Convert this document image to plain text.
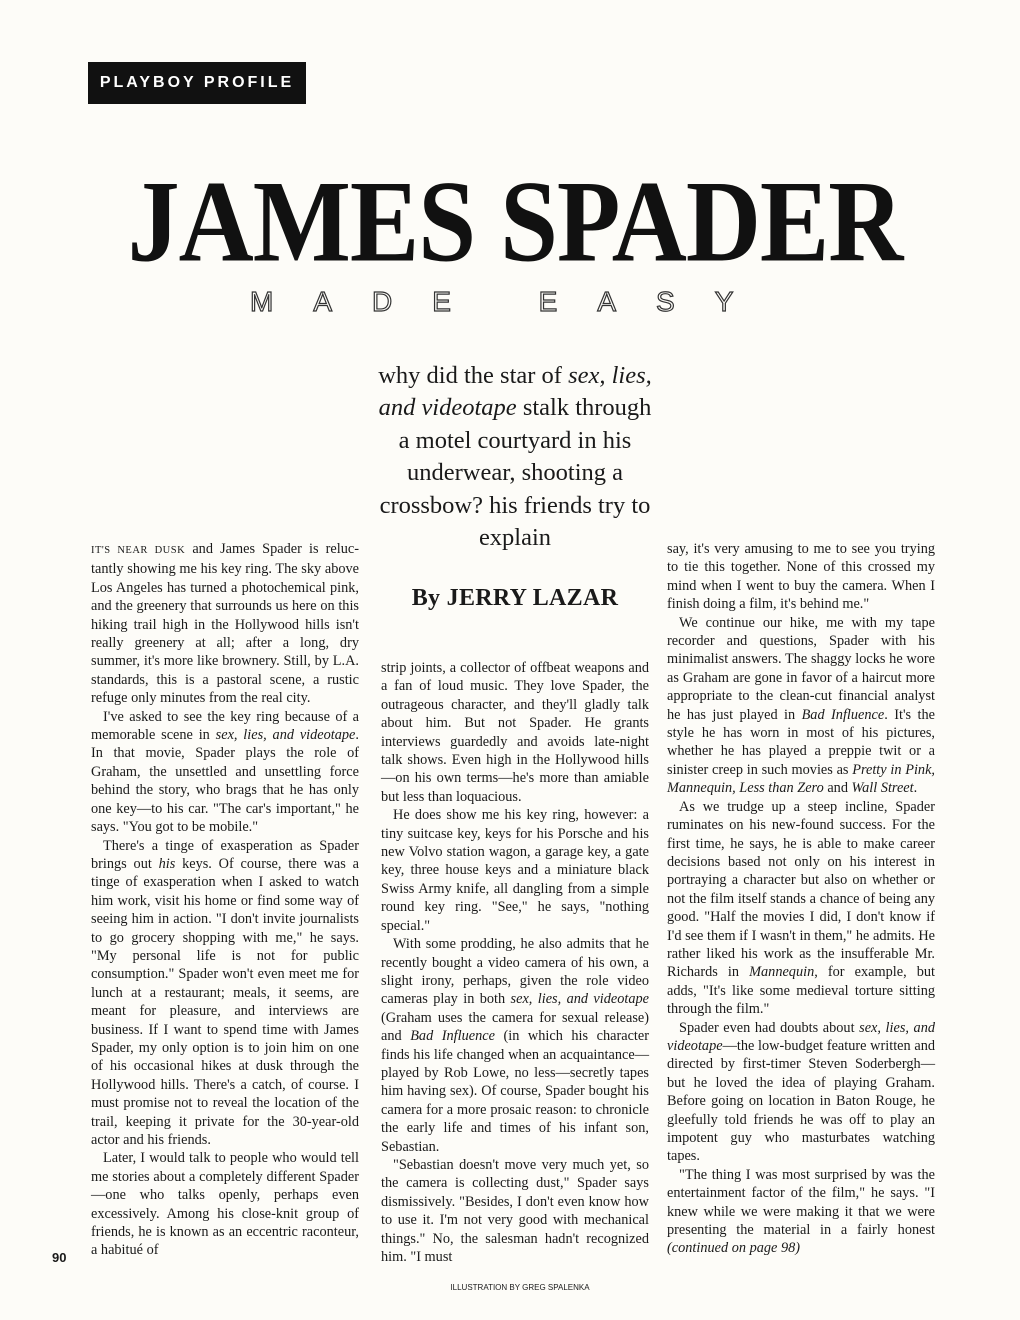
PLAYBOY PROFILE
JAMES SPADER
MADE EASY
why did the star of sex, lies, and videotape stalk through a motel courtyard in his underwear, shooting a crossbow? his friends try to explain
By JERRY LAZAR

IT'S NEAR DUSK and James Spader is reluctantly showing me his key ring. The sky above Los Angeles has turned a photochemical pink, and the greenery that surrounds us here on this hiking trail high in the Hollywood hills isn't really greenery at all; after a long, dry summer, it's more like brownery. Still, by L.A. standards, this is a pastoral scene, a rustic refuge only minutes from the real city.

I've asked to see the key ring because of a memorable scene in sex, lies, and videotape. In that movie, Spader plays the role of Graham, the unsettled and unsettling force behind the story, who brags that he has only one key—to his car. "The car's important," he says. "You got to be mobile."

There's a tinge of exasperation as Spader brings out his keys. Of course, there was a tinge of exasperation when I asked to watch him work, visit his home or find some way of seeing him in action. "I don't invite journalists to go grocery shopping with me," he says. "My personal life is not for public consumption." Spader won't even meet me for lunch at a restaurant; meals, it seems, are meant for pleasure, and interviews are business. If I want to spend time with James Spader, my only option is to join him on one of his occasional hikes at dusk through the Hollywood hills. There's a catch, of course. I must promise not to reveal the location of the trail, keeping it private for the 30-year-old actor and his friends.

Later, I would talk to people who would tell me stories about a completely different Spader—one who talks openly, perhaps even excessively. Among his close-knit group of friends, he is known as an eccentric raconteur, a habitué of

strip joints, a collector of offbeat weapons and a fan of loud music. They love Spader, the outrageous character, and they'll gladly talk about him. But not Spader. He grants interviews guardedly and avoids late-night talk shows. Even high in the Hollywood hills—on his own terms—he's more than amiable but less than loquacious.

He does show me his key ring, however: a tiny suitcase key, keys for his Porsche and his new Volvo station wagon, a garage key, a gate key, three house keys and a miniature black Swiss Army knife, all dangling from a simple round key ring. "See," he says, "nothing special."

With some prodding, he also admits that he recently bought a video camera of his own, a slight irony, perhaps, given the role video cameras play in both sex, lies, and videotape (Graham uses the camera for sexual release) and Bad Influence (in which his character finds his life changed when an acquaintance—played by Rob Lowe, no less—secretly tapes him having sex). Of course, Spader bought his camera for a more prosaic reason: to chronicle the early life and times of his infant son, Sebastian.

"Sebastian doesn't move very much yet, so the camera is collecting dust," Spader says dismissively. "Besides, I don't even know how to use it. I'm not very good with mechanical things." No, the salesman hadn't recognized him. "I must

say, it's very amusing to me to see you trying to tie this together. None of this crossed my mind when I went to buy the camera. When I finish doing a film, it's behind me."

We continue our hike, me with my tape recorder and questions, Spader with his minimalist answers. The shaggy locks he wore as Graham are gone in favor of a haircut more appropriate to the clean-cut financial analyst he has just played in Bad Influence. It's the style he has worn in most of his pictures, whether he has played a preppie twit or a sinister creep in such movies as Pretty in Pink, Mannequin, Less than Zero and Wall Street.

As we trudge up a steep incline, Spader ruminates on his new-found success. For the first time, he says, he is able to make career decisions based not only on his interest in portraying a character but also on whether or not the film itself stands a chance of being any good. "Half the movies I did, I don't know if I'd see them if I wasn't in them," he admits. He rather liked his work as the insufferable Mr. Richards in Mannequin, for example, but adds, "It's like some medieval torture sitting through the film."

Spader even had doubts about sex, lies, and videotape—the low-budget feature written and directed by first-timer Steven Soderbergh—but he loved the idea of playing Graham. Before going on location in Baton Rouge, he gleefully told friends he was off to play an impotent guy who masturbates watching tapes.

"The thing I was most surprised by was the entertainment factor of the film," he says. "I knew while we were making it that we were presenting the material in a fairly honest (continued on page 98)

90
ILLUSTRATION BY GREG SPALENKA
